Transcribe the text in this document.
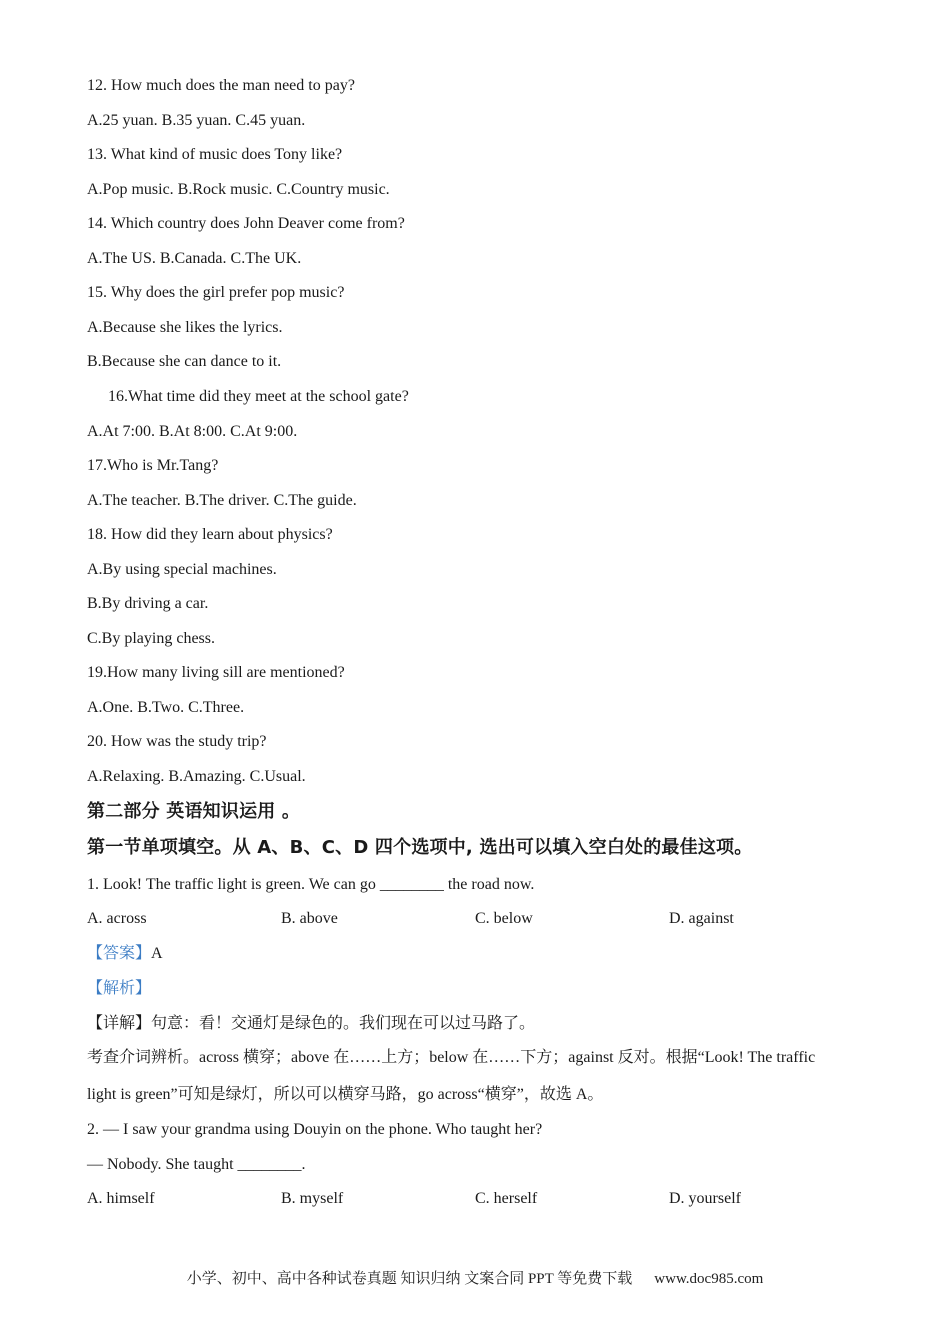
12. How much does the man need to pay?
A.25 yuan. B.35 yuan. C.45 yuan.
13. What kind of music does Tony like?
A.Pop music. B.Rock music. C.Country music.
14. Which country does John Deaver come from?
A.The US. B.Canada. C.The UK.
15. Why does the girl prefer pop music?
A.Because she likes the lyrics.
B.Because she can dance to it.
16.What time did they meet at the school gate?
A.At 7:00. B.At 8:00. C.At 9:00.
17.Who is Mr.Tang?
A.The teacher. B.The driver. C.The guide.
18. How did they learn about physics?
A.By using special machines.
B.By driving a car.
C.By playing chess.
19.How many living sill are mentioned?
A.One. B.Two. C.Three.
20. How was the study trip?
A.Relaxing. B.Amazing. C.Usual.
第二部分 英语知识运用 。
第一节单项填空。从 A、B、C、D 四个选项中, 选出可以填入空白处的最佳这项。
1. Look! The traffic light is green. We can go ________ the road now.
A. across	B. above	C. below	D. against
【答案】A
【解析】
【详解】句意：看！交通灯是绿色的。我们现在可以过马路了。
考查介词辨析。across 横穿；above 在……上方；below 在……下方；against 反对。根据“Look! The traffic
light is green”可知是绿灯，所以可以横穿马路，go across“横穿”，故选 A。
2. — I saw your grandma using Douyin on the phone. Who taught her?
— Nobody. She taught ________.
A. himself	B. myself	C. herself	D. yourself
小学、初中、高中各种试卷真题 知识归纳 文案合同 PPT 等免费下载 www.doc985.com
